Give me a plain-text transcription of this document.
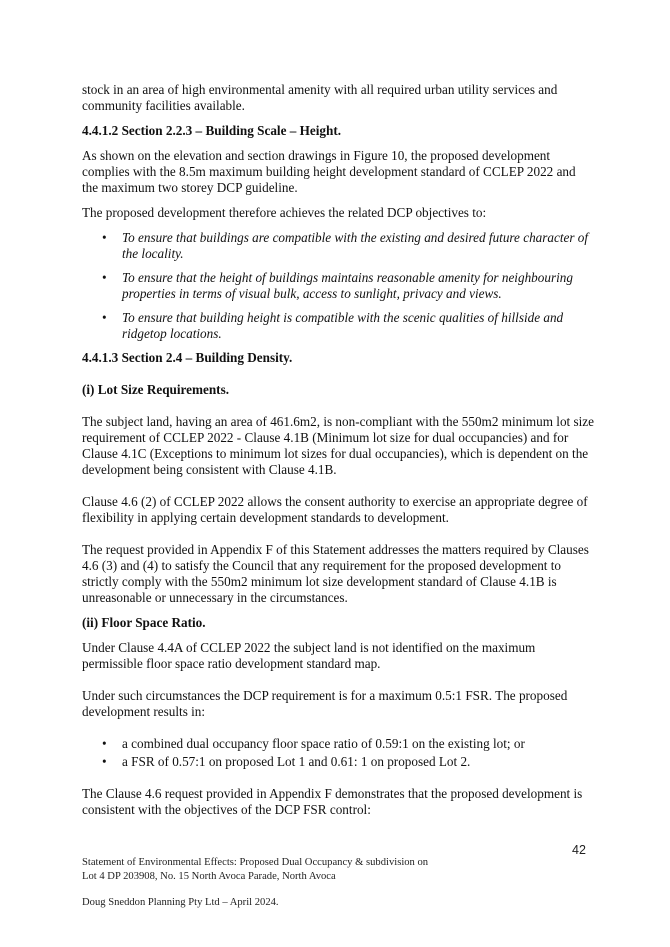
stock in an area of high environmental amenity with all required urban utility services and community facilities available.

4.4.1.2 Section 2.2.3 – Building Scale – Height.

As shown on the elevation and section drawings in Figure 10, the proposed development complies with the 8.5m maximum building height development standard of CCLEP 2022 and the maximum two storey DCP guideline.

The proposed development therefore achieves the related DCP objectives to:

• To ensure that buildings are compatible with the existing and desired future character of the locality.
• To ensure that the height of buildings maintains reasonable amenity for neighbouring properties in terms of visual bulk, access to sunlight, privacy and views.
• To ensure that building height is compatible with the scenic qualities of hillside and ridgetop locations.

4.4.1.3 Section 2.4 – Building Density.

(i) Lot Size Requirements.

The subject land, having an area of 461.6m2, is non-compliant with the 550m2 minimum lot size requirement of CCLEP 2022 - Clause 4.1B (Minimum lot size for dual occupancies) and for Clause 4.1C (Exceptions to minimum lot sizes for dual occupancies), which is dependent on the development being consistent with Clause 4.1B.

Clause 4.6 (2) of CCLEP 2022 allows the consent authority to exercise an appropriate degree of flexibility in applying certain development standards to development.

The request provided in Appendix F of this Statement addresses the matters required by Clauses 4.6 (3) and (4) to satisfy the Council that any requirement for the proposed development to strictly comply with the 550m2 minimum lot size development standard of Clause 4.1B is unreasonable or unnecessary in the circumstances.

(ii) Floor Space Ratio.

Under Clause 4.4A of CCLEP 2022 the subject land is not identified on the maximum permissible floor space ratio development standard map.

Under such circumstances the DCP requirement is for a maximum 0.5:1 FSR. The proposed development results in:

• a combined dual occupancy floor space ratio of 0.59:1 on the existing lot; or
• a FSR of 0.57:1 on proposed Lot 1 and 0.61: 1 on proposed Lot 2.

The Clause 4.6 request provided in Appendix F demonstrates that the proposed development is consistent with the objectives of the DCP FSR control:

42
Statement of Environmental Effects: Proposed Dual Occupancy & subdivision on
Lot 4 DP 203908, No. 15 North Avoca Parade, North Avoca
Doug Sneddon Planning Pty Ltd – April 2024.
